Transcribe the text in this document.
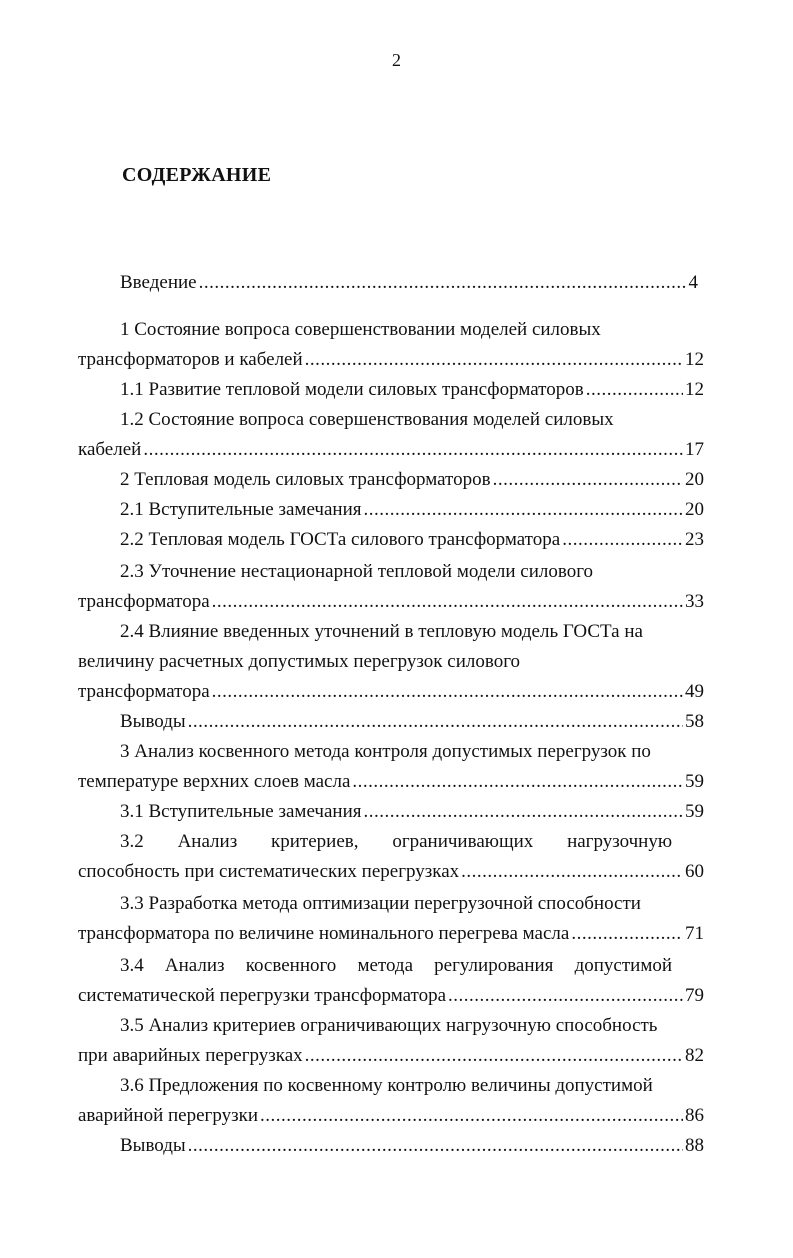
2
СОДЕРЖАНИЕ
Введение .....	4
1 Состояние вопроса совершенствовании моделей силовых
трансформаторов и кабелей .....	12
1.1 Развитие тепловой модели силовых трансформаторов .....	12
1.2 Состояние вопроса совершенствования моделей силовых
кабелей .....	17
2 Тепловая модель силовых трансформаторов .....	20
2.1 Вступительные замечания .....	20
2.2 Тепловая модель ГОСТа силового трансформатора .....	23
2.3 Уточнение нестационарной тепловой модели силового
трансформатора .....	33
2.4 Влияние введенных уточнений в тепловую модель ГОСТа на
величину расчетных допустимых перегрузок силового
трансформатора .....	49
Выводы .....	58
3 Анализ косвенного метода контроля допустимых перегрузок по
температуре верхних слоев масла .....	59
3.1 Вступительные замечания .....	59
3.2 Анализ критериев, ограничивающих нагрузочную
способность при систематических перегрузках .....	60
3.3 Разработка метода оптимизации перегрузочной способности
трансформатора по величине номинального перегрева масла .....	71
3.4 Анализ косвенного метода регулирования допустимой
систематической перегрузки трансформатора .....	79
3.5 Анализ критериев ограничивающих нагрузочную способность
при аварийных перегрузках .....	82
3.6 Предложения по косвенному контролю величины допустимой
аварийной перегрузки .....	86
Выводы .....	88
